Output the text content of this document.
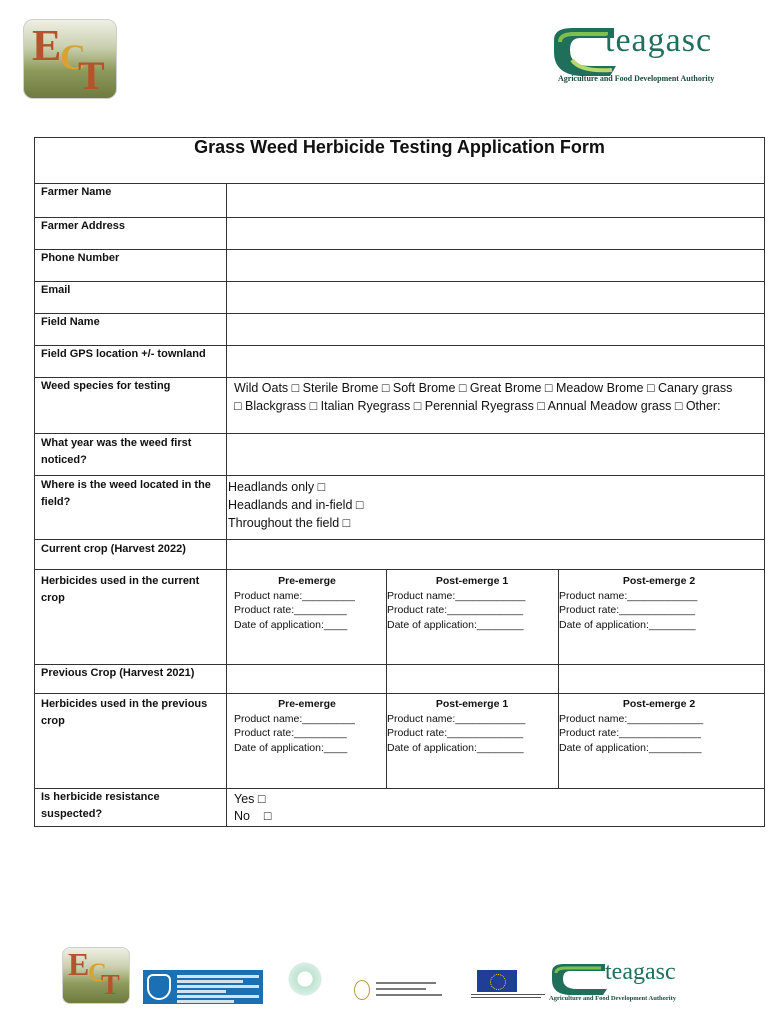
E
C
T
teagasc
Agriculture and Food Development Authority
Grass Weed Herbicide Testing Application Form
Farmer Name
Farmer Address
Phone Number
Email
Field Name
Field GPS location +/- townland
Weed species for testing	Wild Oats □ Sterile Brome □ Soft Brome □ Great Brome □ Meadow Brome □ Canary grass □ Blackgrass □ Italian Ryegrass □ Perennial Ryegrass □ Annual Meadow grass □ Other:
What year was the weed first noticed?
Where is the weed located in the field?
Headlands only □
Headlands and in-field □
Throughout the field □
Current crop (Harvest 2022)
Herbicides used in the current crop
Pre-emerge
Product name:_________
Product rate:_________
Date of application:____
Post-emerge 1
Product name:____________
Product rate:_____________
Date of application:________
Post-emerge 2
Product name:____________
Product rate:_____________
Date of application:________
Previous Crop (Harvest 2021)
Herbicides used in the previous crop
Pre-emerge
Product name:_________
Product rate:_________
Date of application:____
Post-emerge 1
Product name:____________
Product rate:_____________
Date of application:________
Post-emerge 2
Product name:_____________
Product rate:______________
Date of application:_________
Is herbicide resistance suspected?
Yes □
No    □
E
C
T	teagasc
Agriculture and Food Development Authority
